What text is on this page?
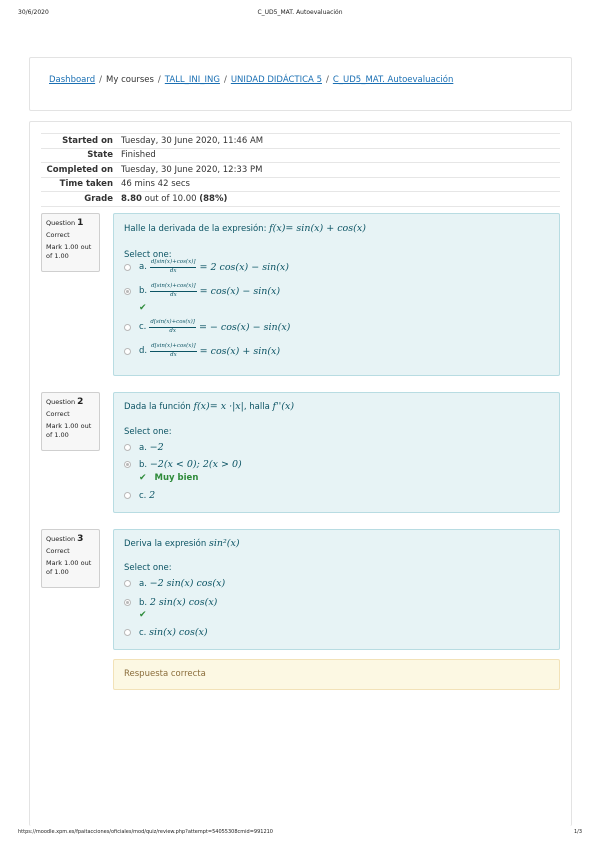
30/6/2020	C_UD5_MAT. Autoevaluación
Dashboard / My courses / TALL_INI_ING / UNIDAD DIDÁCTICA 5 / C_UD5_MAT. Autoevaluación
Started on	Tuesday, 30 June 2020, 11:46 AM
State	Finished
Completed on	Tuesday, 30 June 2020, 12:33 PM
Time taken	46 mins 42 secs
Grade	8.80 out of 10.00 (88%)
Question 1
Correct
Mark 1.00 out of 1.00
Halle la derivada de la expresión: f(x)= sin(x) + cos(x)
Select one:
a. $\frac{d[\sin(x)+\cos(x)]}{dx} = 2$ cos(x) − sin(x)
b. $\frac{d[\sin(x)+\cos(x)]}{dx} = \cos(x) - \sin(x)$
✔
c. $\frac{d[\sin(x)+\cos(x)]}{dx}$ = − cos(x) − sin(x)
d. $\frac{d[\sin(x)+\cos(x)]}{dx} = \cos(x) + \sin(x)$
Question 2
Correct
Mark 1.00 out of 1.00
Dada la función f(x)= x ·|x|, halla f''(x)
Select one:
a.
−2
b.
−2(x < 0); 2(x > 0)
✔ Muy bien
c.
2
Question 3
Correct
Mark 1.00 out of 1.00
Deriva la expresión sin²(x)
Select one:
a.
−2 sin(x) cos(x)
b.
2 sin(x) cos(x)
✔
c.
sin(x) cos(x)
Respuesta correcta
https://moodle.xpm.es/fpaitacciones/oficiales/mod/quiz/review.php?attempt=54055308cmid=991210	1/3
